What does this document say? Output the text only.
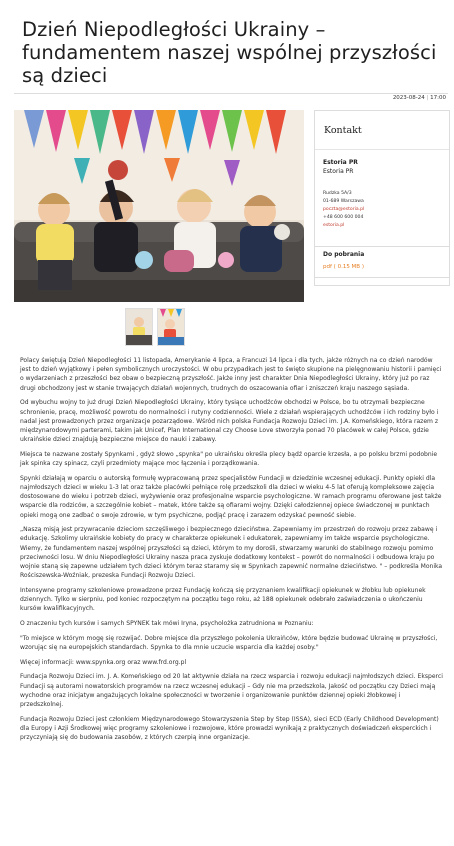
Dzień Niepodległości Ukrainy –
fundamentem naszej wspólnej przyszłości
są dzieci
2023-08-24 | 17:00
Kontakt
Estoria PR
Estoria PR
Rudzka 5A/3
01-689 Warszawa
poczta@estoria.pl
+48 600 600 004
estoria.pl
Do pobrania
pdf ( 0.15 MB )

Polacy świętują Dzień Niepodległości 11 listopada, Amerykanie 4 lipca, a Francuzi 14 lipca i dla tych, jakże różnych na co dzień narodów jest to dzień wyjątkowy i pełen symbolicznych uroczystości. W obu przypadkach jest to święto skupione na pielęgnowaniu historii i pamięci o wydarzeniach z przeszłości bez obaw o bezpieczną przyszłość. Jakże inny jest charakter Dnia Niepodległości Ukrainy, który już po raz drugi obchodzony jest w stanie trwających działań wojennych, trudnych do oszacowania ofiar i zniszczeń kraju naszego sąsiada.

Od wybuchu wojny to już drugi Dzień Niepodległości Ukrainy, który tysiące uchodźców obchodzi w Polsce, bo tu otrzymali bezpieczne schronienie, pracę, możliwość powrotu do normalności i rutyny codzienności. Wiele z działań wspierających uchodźców i ich rodziny było i nadal jest prowadzonych przez organizacje pozarządowe. Wśród nich polska Fundacja Rozwoju Dzieci im. J.A. Komeńskiego, która razem z międzynarodowymi parterami, takim jak Unicef, Plan International czy Choose Love stworzyła ponad 70 placówek w całej Polsce, gdzie ukraińskie dzieci znajdują bezpieczne miejsce do nauki i zabawy.

Miejsca te nazwane zostały Spynkami , gdyż słowo „spynka" po ukraińsku określa plecy bądź oparcie krzesła, a po polsku brzmi podobnie jak spinka czy spinacz, czyli przedmioty mające moc łączenia i porządkowania.

Spynki działają w oparciu o autorską formułę wypracowaną przez specjalistów Fundacji w dziedzinie wczesnej edukacji. Punkty opieki dla najmłodszych dzieci w wieku 1-3 lat oraz także placówki pełniące rolę przedszkoli dla dzieci w wieku 4-5 lat oferują kompleksowe zajęcia dostosowane do wieku i potrzeb dzieci, wyżywienie oraz profesjonalne wsparcie psychologiczne. W ramach programu oferowane jest także wsparcie dla rodziców, a szczególnie kobiet – matek, które także są ofiarami wojny. Dzięki całodziennej opiece świadczonej w punktach opieki mogą one zadbać o swoje zdrowie, w tym psychiczne, podjąć pracę i zarazem odzyskać pewność siebie.

„Naszą misją jest przywracanie dzieciom szczęśliwego i bezpiecznego dzieciństwa. Zapewniamy im przestrzeń do rozwoju przez zabawę i edukację. Szkolimy ukraińskie kobiety do pracy w charakterze opiekunek i edukatorek, zapewniamy im także wsparcie psychologiczne. Wiemy, że fundamentem naszej wspólnej przyszłości są dzieci, którym to my dorośli, stwarzamy warunki do stabilnego rozwoju pomimo przeciwności losu. W dniu Niepodległości Ukrainy nasza praca zyskuje dodatkowy kontekst – powrót do normalności i odbudowa kraju po wojnie staną się zapewne udziałem tych dzieci którym teraz staramy się w Spynkach zapewnić normalne dzieciństwo. " – podkreśla Monika Rościszewska-Woźniak, prezeska Fundacji Rozwoju Dzieci.

Intensywne programy szkoleniowe prowadzone przez Fundację kończą się przyznaniem kwalifikacji opiekunek w żłobku lub opiekunek dziennych. Tylko w sierpniu, pod koniec rozpoczętym na początku tego roku, aż 188 opiekunek odebrało zaświadczenia o ukończeniu kursów kwalifikacyjnych.

O znaczeniu tych kursów i samych SPYNEK tak mówi Iryna, psycholożka zatrudniona w Poznaniu:

"To miejsce w którym mogę się rozwijać. Dobre miejsce dla przyszłego pokolenia Ukraińców, które będzie budować Ukrainę w przyszłości, wzorując się na europejskich standardach. Spynka to dla mnie uczucie wsparcia dla każdej osoby."

Więcej informacji: www.spynka.org oraz www.frd.org.pl

Fundacja Rozwoju Dzieci im. J. A. Komeńskiego od 20 lat aktywnie działa na rzecz wsparcia i rozwoju edukacji najmłodszych dzieci. Eksperci Fundacji są autorami nowatorskich programów na rzecz wczesnej edukacji – Gdy nie ma przedszkola, Jakość od początku czy Dzieci mają wychodne oraz inicjatyw angażujących lokalne społeczności w tworzenie i organizowanie punktów dziennej opieki żłobkowej i przedszkolnej.

Fundacja Rozwoju Dzieci jest członkiem Międzynarodowego Stowarzyszenia Step by Step (ISSA), sieci ECD (Early Childhood Development) dla Europy i Azji Środkowej więc programy szkoleniowe i rozwojowe, które prowadzi wynikają z praktycznych doświadczeń eksperckich i przyczyniają się do budowania zasobów, z których czerpią inne organizacje.
